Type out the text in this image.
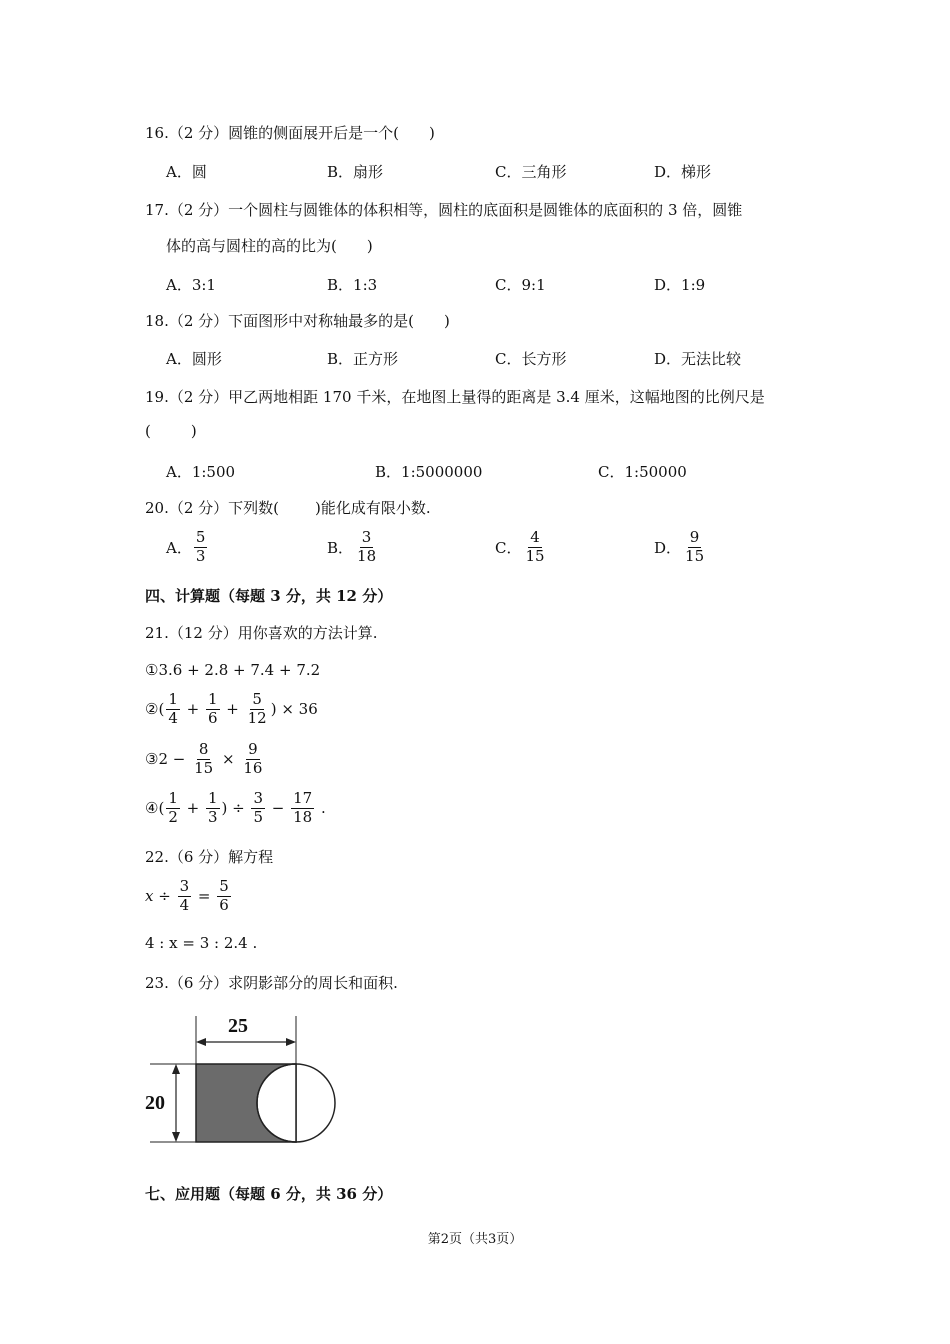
16.（2 分）圆锥的侧面展开后是一个( )
A．圆	B．扇形	C．三角形	D．梯形
17.（2 分）一个圆柱与圆锥体的体积相等，圆柱的底面积是圆锥体的底面积的 3 倍，圆锥
体的高与圆柱的高的比为( )
A．3:1	B．1:3	C．9:1	D．1:9
18.（2 分）下面图形中对称轴最多的是( )
A．圆形	B．正方形	C．长方形	D．无法比较
19.（2 分）甲乙两地相距 170 千米，在地图上量得的距离是 3.4 厘米，这幅地图的比例尺是
(	)
A．1:500	B．1:5000000	C．1:50000
20.（2 分）下列数( )能化成有限小数.
A． $\frac{5}{3}$	B． $\frac{3}{18}$	C． $\frac{4}{15}$	D． $\frac{9}{15}$
四、计算题（每题 3 分，共 12 分）
21.（12 分）用你喜欢的方法计算.
①3.6 + 2.8 + 7.4 + 7.2
② ( $\frac{1}{4} + \frac{1}{6} + \frac{5}{12}$ ) × 36
③ $2 - \frac{8}{15} \times \frac{9}{16}$
④ ( $\frac{1}{2} + \frac{1}{3}$ ) ÷ $\frac{3}{5} - \frac{17}{18}$ .
22.（6 分）解方程
$x \div \frac{3}{4} = \frac{5}{6}$
4 : x = 3 : 2.4 .
23.（6 分）求阴影部分的周长和面积.
25
20
七、应用题（每题 6 分，共 36 分）
第2页（共3页）
